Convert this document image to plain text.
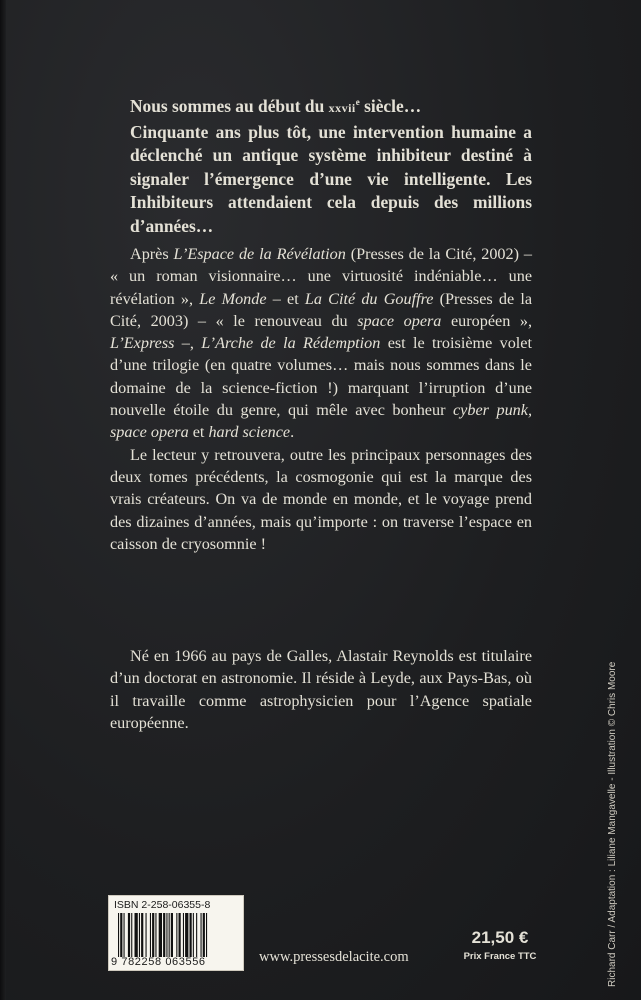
Nous sommes au début du xxvii$^e$ siècle…

Cinquante ans plus tôt, une intervention humaine a déclenché un antique système inhibiteur destiné à signaler l’émergence d’une vie intelligente. Les Inhibiteurs attendaient cela depuis des millions d’années…

Après L’Espace de la Révélation (Presses de la Cité, 2002) – « un roman visionnaire… une virtuosité indéniable… une révélation », Le Monde – et La Cité du Gouffre (Presses de la Cité, 2003) – « le renouveau du space opera européen », L’Express –, L’Arche de la Rédemption est le troisième volet d’une trilogie (en quatre volumes… mais nous sommes dans le domaine de la science-fiction !) marquant l’irruption d’une nouvelle étoile du genre, qui mêle avec bonheur cyber punk, space opera et hard science.

Le lecteur y retrouvera, outre les principaux personnages des deux tomes précédents, la cosmogonie qui est la marque des vrais créateurs. On va de monde en monde, et le voyage prend des dizaines d’années, mais qu’importe : on traverse l’espace en caisson de cryosomnie !

Né en 1966 au pays de Galles, Alastair Reynolds est titulaire d’un doctorat en astronomie. Il réside à Leyde, aux Pays-Bas, où il travaille comme astrophysicien pour l’Agence spatiale européenne.	Richard Carr / Adaptation : Liliane Mangavelle - Illustration © Chris Moore
ISBN 2-258-06355-8
9 782258 063556	www.pressesdelacite.com
21,50 €
Prix France TTC
